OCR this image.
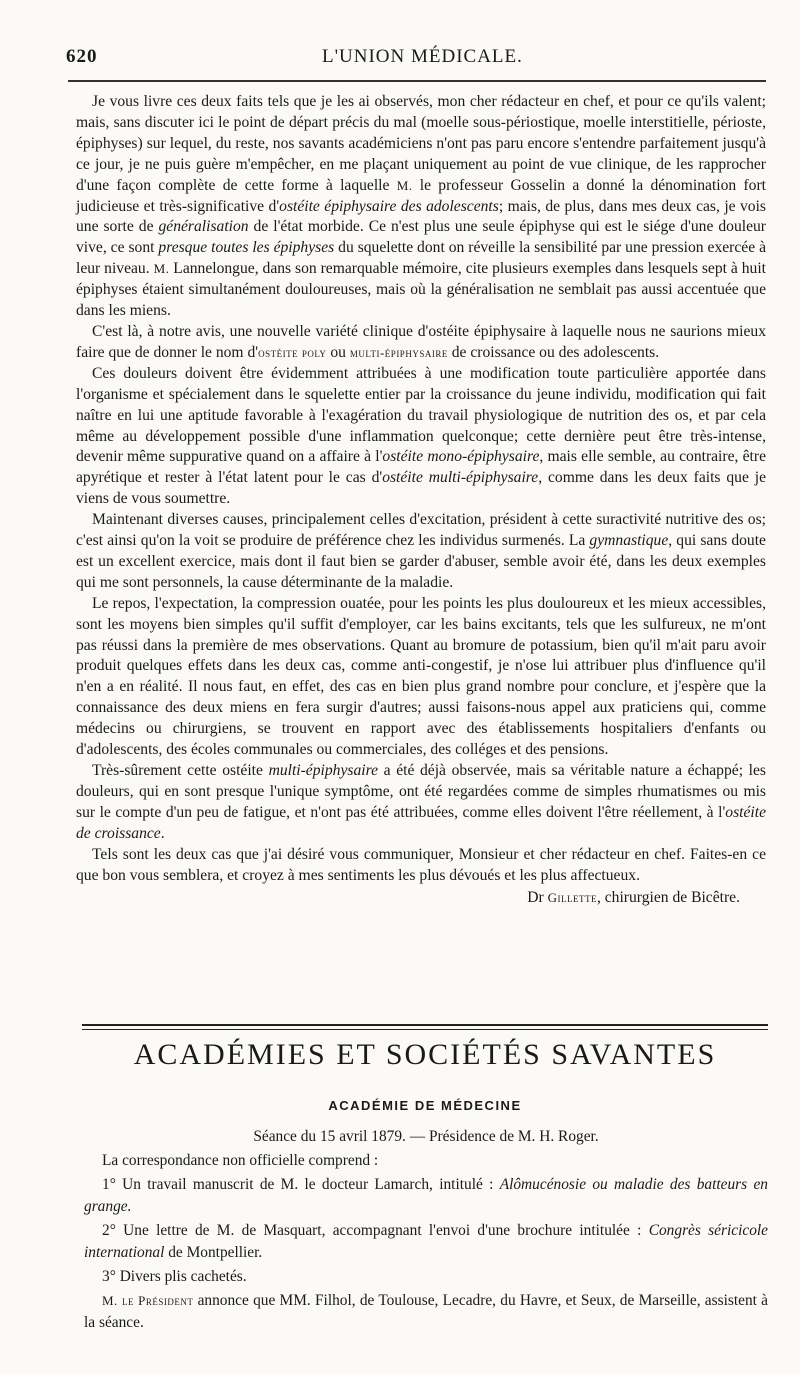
620	L'UNION MÉDICALE.

Je vous livre ces deux faits tels que je les ai observés, mon cher rédacteur en chef, et pour ce qu'ils valent; mais, sans discuter ici le point de départ précis du mal (moelle sous-périostique, moelle interstitielle, périoste, épiphyses) sur lequel, du reste, nos savants académiciens n'ont pas paru encore s'entendre parfaitement jusqu'à ce jour, je ne puis guère m'empêcher, en me plaçant uniquement au point de vue clinique, de les rapprocher d'une façon complète de cette forme à laquelle M. le professeur Gosselin a donné la dénomination fort judicieuse et très-significative d'ostéite épiphysaire des adolescents; mais, de plus, dans mes deux cas, je vois une sorte de généralisation de l'état morbide. Ce n'est plus une seule épiphyse qui est le siége d'une douleur vive, ce sont presque toutes les épiphyses du squelette dont on réveille la sensibilité par une pression exercée à leur niveau. M. Lannelongue, dans son remarquable mémoire, cite plusieurs exemples dans lesquels sept à huit épiphyses étaient simultanément douloureuses, mais où la généralisation ne semblait pas aussi accentuée que dans les miens.

C'est là, à notre avis, une nouvelle variété clinique d'ostéite épiphysaire à laquelle nous ne saurions mieux faire que de donner le nom d'ostéite poly ou multi-épiphysaire de croissance ou des adolescents.

Ces douleurs doivent être évidemment attribuées à une modification toute particulière apportée dans l'organisme et spécialement dans le squelette entier par la croissance du jeune individu, modification qui fait naître en lui une aptitude favorable à l'exagération du travail physiologique de nutrition des os, et par cela même au développement possible d'une inflammation quelconque; cette dernière peut être très-intense, devenir même suppurative quand on a affaire à l'ostéite mono-épiphysaire, mais elle semble, au contraire, être apyrétique et rester à l'état latent pour le cas d'ostéite multi-épiphysaire, comme dans les deux faits que je viens de vous soumettre.

Maintenant diverses causes, principalement celles d'excitation, président à cette suractivité nutritive des os; c'est ainsi qu'on la voit se produire de préférence chez les individus surmenés. La gymnastique, qui sans doute est un excellent exercice, mais dont il faut bien se garder d'abuser, semble avoir été, dans les deux exemples qui me sont personnels, la cause déterminante de la maladie.

Le repos, l'expectation, la compression ouatée, pour les points les plus douloureux et les mieux accessibles, sont les moyens bien simples qu'il suffit d'employer, car les bains excitants, tels que les sulfureux, ne m'ont pas réussi dans la première de mes observations. Quant au bromure de potassium, bien qu'il m'ait paru avoir produit quelques effets dans les deux cas, comme anti-congestif, je n'ose lui attribuer plus d'influence qu'il n'en a en réalité. Il nous faut, en effet, des cas en bien plus grand nombre pour conclure, et j'espère que la connaissance des deux miens en fera surgir d'autres; aussi faisons-nous appel aux praticiens qui, comme médecins ou chirurgiens, se trouvent en rapport avec des établissements hospitaliers d'enfants ou d'adolescents, des écoles communales ou commerciales, des colléges et des pensions.

Très-sûrement cette ostéite multi-épiphysaire a été déjà observée, mais sa véritable nature a échappé; les douleurs, qui en sont presque l'unique symptôme, ont été regardées comme de simples rhumatismes ou mis sur le compte d'un peu de fatigue, et n'ont pas été attribuées, comme elles doivent l'être réellement, à l'ostéite de croissance.

Tels sont les deux cas que j'ai désiré vous communiquer, Monsieur et cher rédacteur en chef. Faites-en ce que bon vous semblera, et croyez à mes sentiments les plus dévoués et les plus affectueux.

Dr Gillette, chirurgien de Bicêtre.
ACADÉMIES ET SOCIÉTÉS SAVANTES
ACADÉMIE DE MÉDECINE

Séance du 15 avril 1879. — Présidence de M. H. Roger.

La correspondance non officielle comprend :

1° Un travail manuscrit de M. le docteur Lamarch, intitulé : Alômucénosie ou maladie des batteurs en grange.

2° Une lettre de M. de Masquart, accompagnant l'envoi d'une brochure intitulée : Congrès séricicole international de Montpellier.

3° Divers plis cachetés.

M. le Président annonce que MM. Filhol, de Toulouse, Lecadre, du Havre, et Seux, de Marseille, assistent à la séance.
